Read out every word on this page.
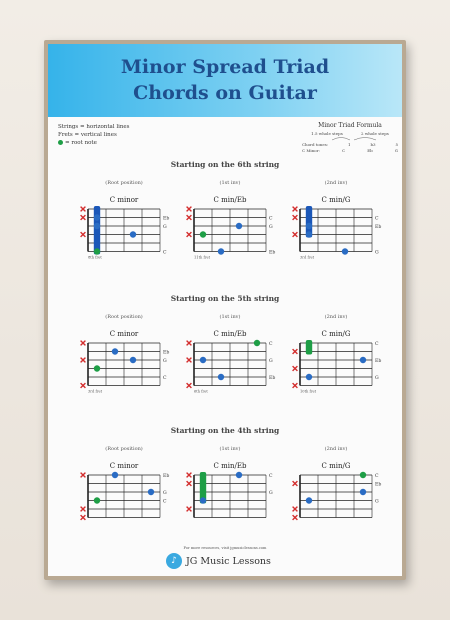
Minor Spread Triad
Chords on Guitar
Strings = horizontal lines
Frets = vertical lines
= root note
Minor Triad Formula
1.5 whole steps	2 whole steps
Chord tones:	1	b3	5
C Minor:	C	Eb	G
Starting on the 6th string
(Root position)
C minor
Eb
G
C
8th fret
(1st inv)
C min/Eb
C
G
Eb
11th fret
(2nd inv)
C min/G
C
Eb
G
3rd fret
Starting on the 5th string
(Root position)
C minor
Eb
G
C
3rd fret
(1st inv)
C min/Eb
C
G
Eb
6th fret
(2nd inv)
C min/G
C
Eb
G
10th fret
Starting on the 4th string
(Root position)
C minor
Eb
G
C
(1st inv)
C min/Eb
C
G
(2nd inv)
C min/G
C
Eb
G
For more resources, visit jgmusiclessons.com
♪ JG Music Lessons
